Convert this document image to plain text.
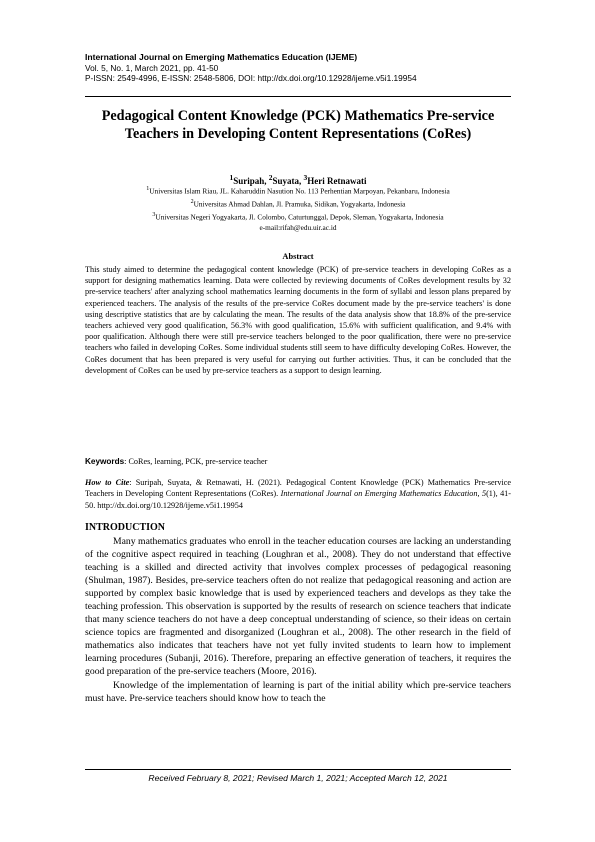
International Journal on Emerging Mathematics Education (IJEME)
Vol. 5, No. 1, March 2021, pp. 41-50
P-ISSN: 2549-4996, E-ISSN: 2548-5806, DOI: http://dx.doi.org/10.12928/ijeme.v5i1.19954
Pedagogical Content Knowledge (PCK) Mathematics Pre-service Teachers in Developing Content Representations (CoRes)
$^1$Suripah, $^2$Suyata, $^3$Heri Retnawati
$^1$Universitas Islam Riau, JL. Kaharuddin Nasution No. 113 Perhentian Marpoyan, Pekanbaru, Indonesia
$^2$Universitas Ahmad Dahlan, Jl. Pramuka, Sidikan, Yogyakarta, Indonesia
$^3$Universitas Negeri Yogyakarta, Jl. Colombo, Caturtunggal, Depok, Sleman, Yogyakarta, Indonesia
e-mail:rifah@edu.uir.ac.id
Abstract
This study aimed to determine the pedagogical content knowledge (PCK) of pre-service teachers in developing CoRes as a support for designing mathematics learning. Data were collected by reviewing documents of CoRes development results by 32 pre-service teachers' after analyzing school mathematics learning documents in the form of syllabi and lesson plans prepared by experienced teachers. The analysis of the results of the pre-service CoRes document made by the pre-service teachers' is done using descriptive statistics that are by calculating the mean. The results of the data analysis show that 18.8% of the pre-service teachers achieved very good qualification, 56.3% with good qualification, 15.6% with sufficient qualification, and 9.4% with poor qualification. Although there were still pre-service teachers belonged to the poor qualification, there were no pre-service teachers who failed in developing CoRes. Some individual students still seem to have difficulty developing CoRes. However, the CoRes document that has been prepared is very useful for carrying out further activities. Thus, it can be concluded that the development of CoRes can be used by pre-service teachers as a support to design learning.
Keywords: CoRes, learning, PCK, pre-service teacher
How to Cite: Suripah, Suyata, & Retnawati, H. (2021). Pedagogical Content Knowledge (PCK) Mathematics Pre-service Teachers in Developing Content Representations (CoRes). International Journal on Emerging Mathematics Education, 5(1), 41-50. http://dx.doi.org/10.12928/ijeme.v5i1.19954
INTRODUCTION

Many mathematics graduates who enroll in the teacher education courses are lacking an understanding of the cognitive aspect required in teaching (Loughran et al., 2008). They do not understand that effective teaching is a skilled and directed activity that involves complex processes of pedagogical reasoning (Shulman, 1987). Besides, pre-service teachers often do not realize that pedagogical reasoning and action are supported by complex basic knowledge that is used by experienced teachers and develops as they take the teaching profession. This observation is supported by the results of research on science teachers that indicate that many science teachers do not have a deep conceptual understanding of science, so their ideas on certain science topics are fragmented and disorganized (Loughran et al., 2008). The other research in the field of mathematics also indicates that teachers have not yet fully invited students to learn how to implement learning procedures (Subanji, 2016). Therefore, preparing an effective generation of teachers, it requires the good preparation of the pre-service teachers (Moore, 2016).

Knowledge of the implementation of learning is part of the initial ability which pre-service teachers must have. Pre-service teachers should know how to teach the

Received February 8, 2021; Revised March 1, 2021; Accepted March 12, 2021
